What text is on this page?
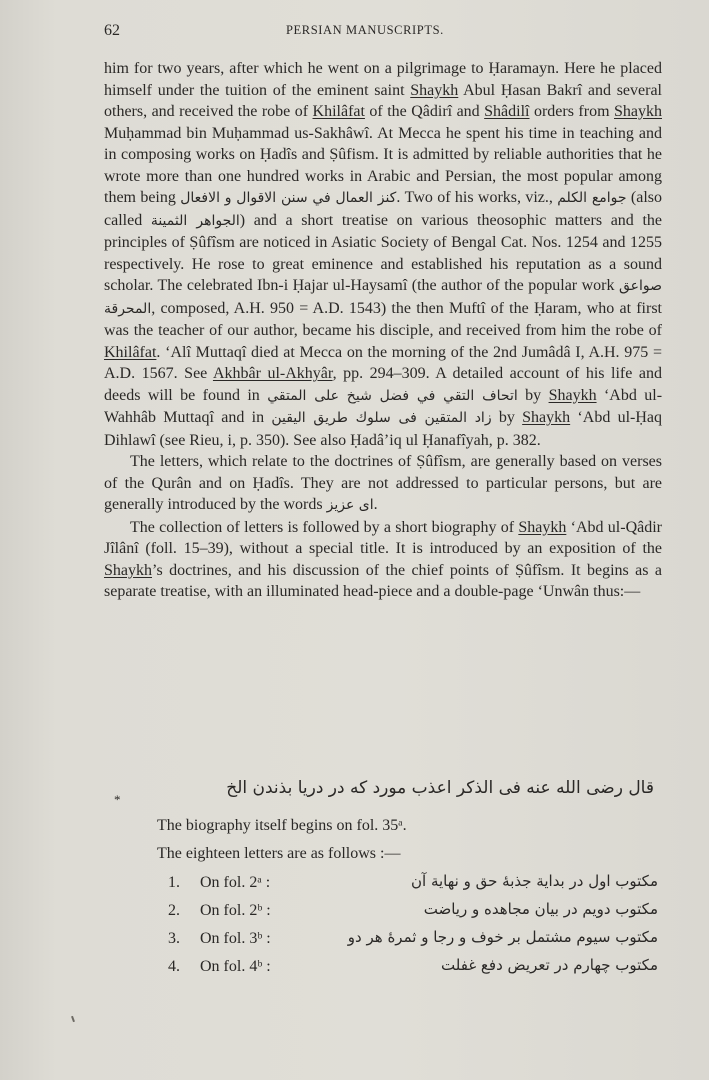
62	PERSIAN MANUSCRIPTS.

him for two years, after which he went on a pilgrimage to Ḥaramayn. Here he placed himself under the tuition of the eminent saint Shaykh Abul Ḥasan Bakrî and several others, and received the robe of Khilâfat of the Qâdirî and Shâdilî orders from Shaykh Muḥammad bin Muḥammad us-Sakhâwî. At Mecca he spent his time in teaching and in composing works on Ḥadîs and Ṣûfism. It is admitted by reliable authorities that he wrote more than one hundred works in Arabic and Persian, the most popular among them being كنز العمال في سنن الاقوال و الافعال. Two of his works, viz., جوامع الكلم (also called الجواهر الثمينة) and a short treatise on various theosophic matters and the principles of Ṣûfîsm are noticed in Asiatic Society of Bengal Cat. Nos. 1254 and 1255 respectively. He rose to great eminence and established his reputation as a sound scholar. The celebrated Ibn-i Ḥajar ul-Haysamî (the author of the popular work صواعق المحرقة, composed, A.H. 950 = A.D. 1543) the then Muftî of the Ḥaram, who at first was the teacher of our author, became his disciple, and received from him the robe of Khilâfat. ‘Alî Muttaqî died at Mecca on the morning of the 2nd Jumâdâ I, A.H. 975 = A.D. 1567. See Akhbâr ul-Akhyâr, pp. 294–309. A detailed account of his life and deeds will be found in اتحاف التقي في فضل شيخ على المتقي by Shaykh ‘Abd ul-Wahhâb Muttaqî and in زاد المتقين فى سلوك طريق اليقين by Shaykh ‘Abd ul-Ḥaq Dihlawî (see Rieu, i, p. 350). See also Ḥadâ’iq ul Ḥanafîyah, p. 382.

The letters, which relate to the doctrines of Ṣûfîsm, are generally based on verses of the Qurân and on Ḥadîs. They are not addressed to particular persons, but are generally introduced by the words اى عزيز.

The collection of letters is followed by a short biography of Shaykh ‘Abd ul-Qâdir Jîlânî (foll. 15–39), without a special title. It is introduced by an exposition of the Shaykh’s doctrines, and his discussion of the chief points of Ṣûfîsm. It begins as a separate treatise, with an illuminated head-piece and a double-page ‘Unwân thus:—

*
قال رضى الله عنه فى الذكر اعذب مورد كه در دريا بذندن الخ
The biography itself begins on fol. 35ᵃ.
The eighteen letters are as follows :—
1. On fol. 2ᵃ :	مكتوب اول در بداية جذبهٔ حق و نهاية آن
2. On fol. 2ᵇ :	مكتوب دويم در بيان مجاهده و رياضت
3. On fol. 3ᵇ :	مكتوب سيوم مشتمل بر خوف و رجا و ثمرهٔ هر دو
4. On fol. 4ᵇ :	مكتوب چهارم در تعريض دفع غفلت
